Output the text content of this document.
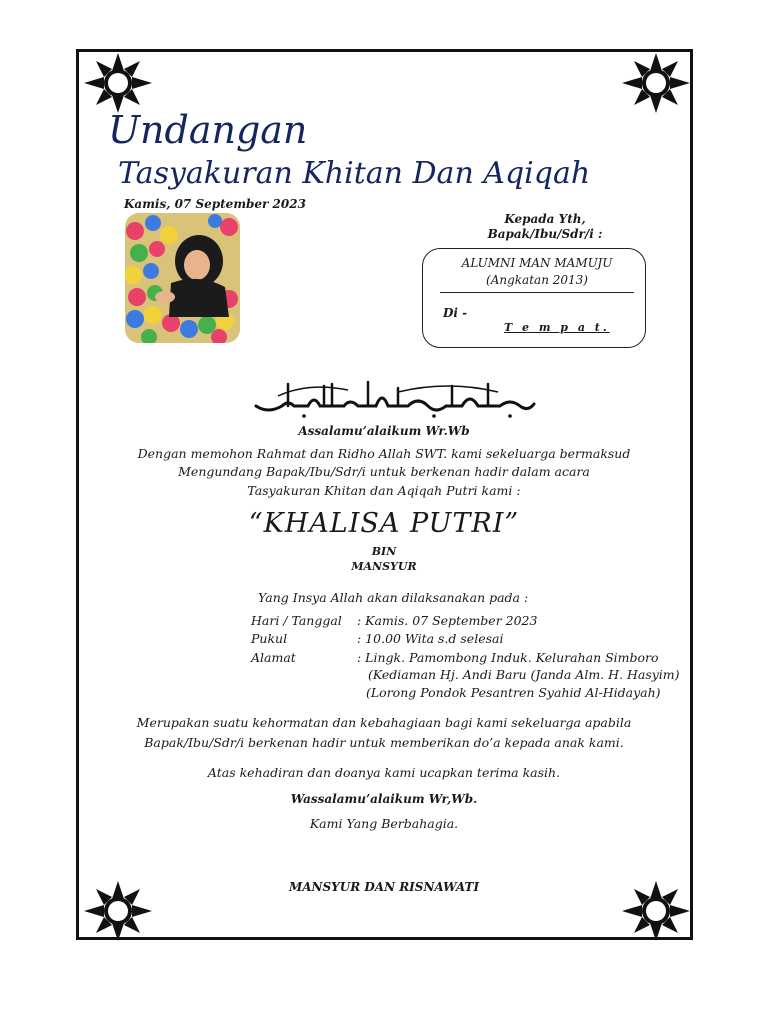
Undangan
Tasyakuran Khitan Dan Aqiqah
Kamis, 07 September 2023
Kepada Yth,
Bapak/Ibu/Sdr/i :
ALUMNI MAN MAMUJU
(Angkatan 2013)
Di -
T e m p a t.
Assalamu’alaikum Wr.Wb
Dengan memohon Rahmat dan Ridho Allah SWT. kami sekeluarga bermaksud
Mengundang Bapak/Ibu/Sdr/i untuk berkenan hadir dalam acara
Tasyakuran Khitan dan Aqiqah Putri kami :
“KHALISA PUTRI”
BIN
MANSYUR
Yang Insya Allah akan dilaksanakan pada :
Hari / Tanggal : Kamis. 07 September 2023
Pukul	: 10.00 Wita s.d selesai
Alamat	: Lingk. Pamombong Induk. Kelurahan Simboro
(Kediaman Hj. Andi Baru (Janda Alm. H. Hasyim)
(Lorong Pondok Pesantren Syahid Al-Hidayah)
Merupakan suatu kehormatan dan kebahagiaan bagi kami sekeluarga apabila
Bapak/Ibu/Sdr/i berkenan hadir untuk memberikan do’a kepada anak kami.
Atas kehadiran dan doanya kami ucapkan terima kasih.
Wassalamu’alaikum Wr,Wb.
Kami Yang Berbahagia.
MANSYUR DAN RISNAWATI
